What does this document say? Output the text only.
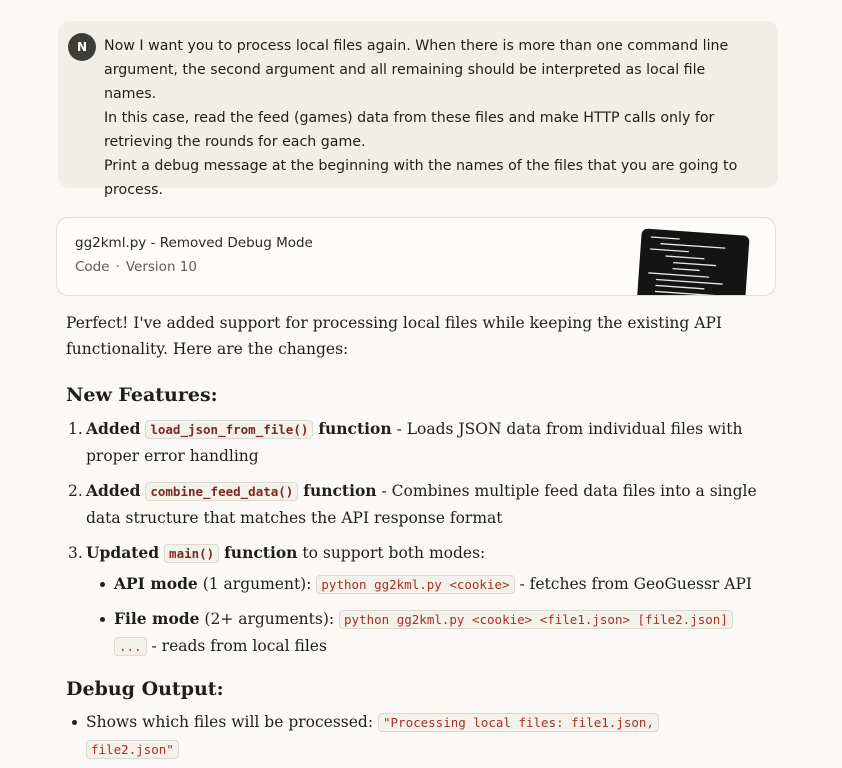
N	Now I want you to process local files again. When there is more than one command line

argument, the second argument and all remaining should be interpreted as local file names.

In this case, read the feed (games) data from these files and make HTTP calls only for

retrieving the rounds for each game.

Print a debug message at the beginning with the names of the files that you are going to

process.

gg2kml.py - Removed Debug Mode
Code · Version 10

Perfect! I've added support for processing local files while keeping the existing API

functionality. Here are the changes:

New Features:
1. Added load_json_from_file() function - Loads JSON data from individual files with
proper error handling
2. Added combine_feed_data() function - Combines multiple feed data files into a single
data structure that matches the API response format
3. Updated main() function to support both modes:
API mode (1 argument): python gg2kml.py <cookie> - fetches from GeoGuessr API
File mode (2+ arguments): python gg2kml.py <cookie> <file1.json> [file2.json]
... - reads from local files
Debug Output:
Shows which files will be processed: "Processing local files: file1.json,
file2.json"
